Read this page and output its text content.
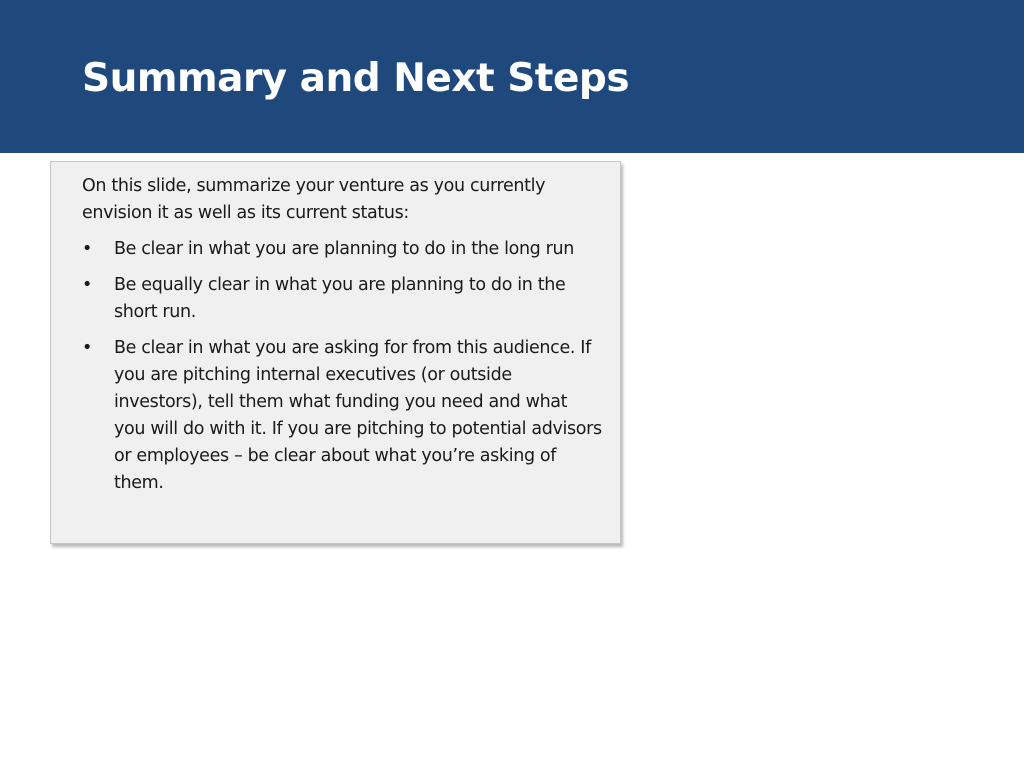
Summary and Next Steps

On this slide, summarize your venture as you currently envision it as well as its current status:

• Be clear in what you are planning to do in the long run
• Be equally clear in what you are planning to do in the short run.
• Be clear in what you are asking for from this audience. If you are pitching internal executives (or outside investors), tell them what funding you need and what you will do with it. If you are pitching to potential advisors or employees – be clear about what you’re asking of them.
